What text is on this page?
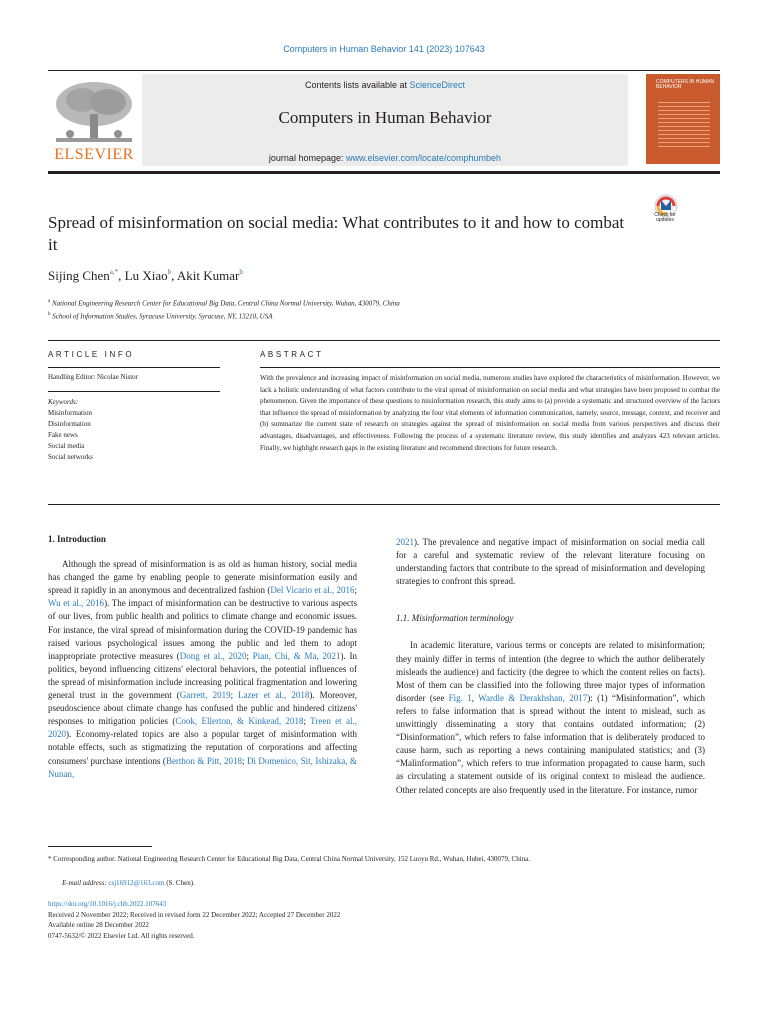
Computers in Human Behavior 141 (2023) 107643
ELSEVIER
Contents lists available at ScienceDirect
Computers in Human Behavior
journal homepage: www.elsevier.com/locate/comphumbeh
COMPUTERS IN HUMAN BEHAVIOR
Spread of misinformation on social media: What contributes to it and how to combat it
Check for updates
Sijing Chen$^{a,*}$, Lu Xiao$^b$, Akit Kumar$^b$
$^a$ National Engineering Research Center for Educational Big Data, Central China Normal University, Wuhan, 430079, China
$^b$ School of Information Studies, Syracuse University, Syracuse, NY, 13210, USA
ARTICLE INFO	ABSTRACT
Handling Editor: Nicolae Nistor
Keywords:
Misinformation
Disinformation
Fake news
Social media
Social networks
With the prevalence and increasing impact of misinformation on social media, numerous studies have explored the characteristics of misinformation. However, we lack a holistic understanding of what factors contribute to the viral spread of misinformation on social media and what strategies have been proposed to combat the phenomenon. Given the importance of these questions to misinformation research, this study aims to (a) provide a systematic and structured overview of the factors that influence the spread of misinformation by analyzing the four vital elements of information communication, namely, source, message, context, and receiver and (b) summarize the current state of research on strategies against the spread of misinformation on social media from various perspectives and discuss their advantages, disadvantages, and effectiveness. Following the process of a systematic literature review, this study identifies and analyzes 423 relevant articles. Finally, we highlight research gaps in the existing literature and recommend directions for future research.
1. Introduction

Although the spread of misinformation is as old as human history, social media has changed the game by enabling people to generate misinformation easily and spread it rapidly in an anonymous and decentralized fashion (Del Vicario et al., 2016; Wu et al., 2016). The impact of misinformation can be destructive to various aspects of our lives, from public health and politics to climate change and economic issues. For instance, the viral spread of misinformation during the COVID-19 pandemic has raised various psychological issues among the public and led them to adopt inappropriate protective measures (Dong et al., 2020; Pian, Chi, & Ma, 2021). In politics, beyond influencing citizens' electoral behaviors, the potential influences of the spread of misinformation include increasing political fragmentation and lowering general trust in the government (Garrett, 2019; Lazer et al., 2018). Moreover, pseudoscience about climate change has confused the public and hindered citizens' responses to mitigation policies (Cook, Ellerton, & Kinkead, 2018; Treen et al., 2020). Economy-related topics are also a popular target of misinformation with notable effects, such as stigmatizing the reputation of corporations and affecting consumers' purchase intentions (Berthon & Pitt, 2018; Di Domenico, Sit, Ishizaka, & Nunan,

2021). The prevalence and negative impact of misinformation on social media call for a careful and systematic review of the relevant literature focusing on understanding factors that contribute to the spread of misinformation and developing strategies to confront this spread.

1.1. Misinformation terminology

In academic literature, various terms or concepts are related to misinformation; they mainly differ in terms of intention (the degree to which the author deliberately misleads the audience) and facticity (the degree to which the content relies on facts). Most of them can be classified into the following three major types of information disorder (see Fig. 1, Wardle & Derakhshan, 2017): (1) “Misinformation”, which refers to false information that is spread without the intent to mislead, such as unwittingly disseminating a story that contains outdated information; (2) “Disinformation”, which refers to false information that is deliberately produced to cause harm, such as reporting a news containing manipulated statistics; and (3) “Malinformation”, which refers to true information propagated to cause harm, such as circulating a statement outside of its original context to mislead the audience. Other related concepts are also frequently used in the literature. For instance, rumor

* Corresponding author. National Engineering Research Center for Educational Big Data, Central China Normal University, 152 Luoyu Rd., Wuhan, Hubei, 430079, China.
E-mail address: csj16912@163.com (S. Chen).
https://doi.org/10.1016/j.chb.2022.107643
Received 2 November 2022; Received in revised form 22 December 2022; Accepted 27 December 2022
Available online 28 December 2022
0747-5632/© 2022 Elsevier Ltd. All rights reserved.
